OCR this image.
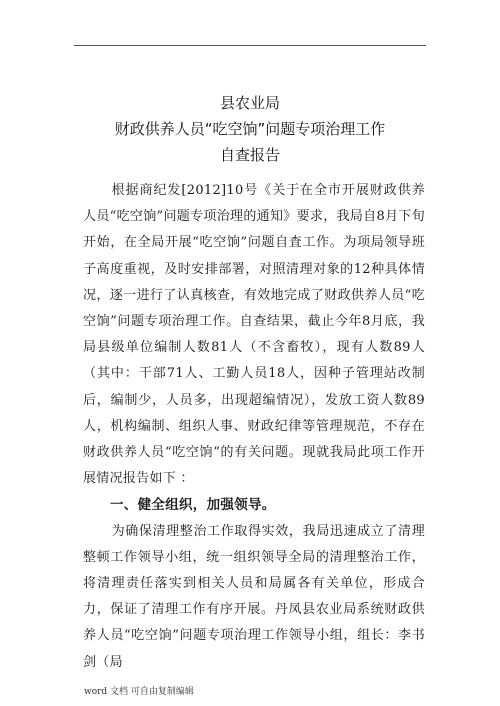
县农业局
财政供养人员“吃空饷”问题专项治理工作
自查报告

根据商纪发[2012]10号《关于在全市开展财政供养人员“吃空饷”问题专项治理的通知》要求，我局自8月下旬开始，在全局开展“吃空饷”问题自査工作。为项局领导班子高度重视，及时安排部署，对照清理对象的12种具体情况，逐一进行了认真核查，有效地完成了财政供养人员“吃空饷”问题专项治理工作。自查结果，截止今年8月底，我局县级单位编制人数81人（不含畜牧），现有人数89人（其中：干部71人、工勤人员18人，因种子管理站改制后，编制少，人员多，出现超编情况），发放工资人数89人，机构编制、组织人事、财政纪律等管理规范，不存在财政供养人员“吃空饷”的有关问题。现就我局此项工作开展情况报告如下 ：

一、健全组织，加强领导。

为确保清理整治工作取得实效，我局迅速成立了清理整顿工作领导小组，统一组织领导全局的清理整治工作，将清理责任落实到相关人员和局属各有关单位，形成合力，保证了清理工作有序开展。丹凤县农业局系统财政供养人员“吃空饷”问题专项治理工作领导小组，组长：李书剑（局

word 文档 可自由复制编辑
